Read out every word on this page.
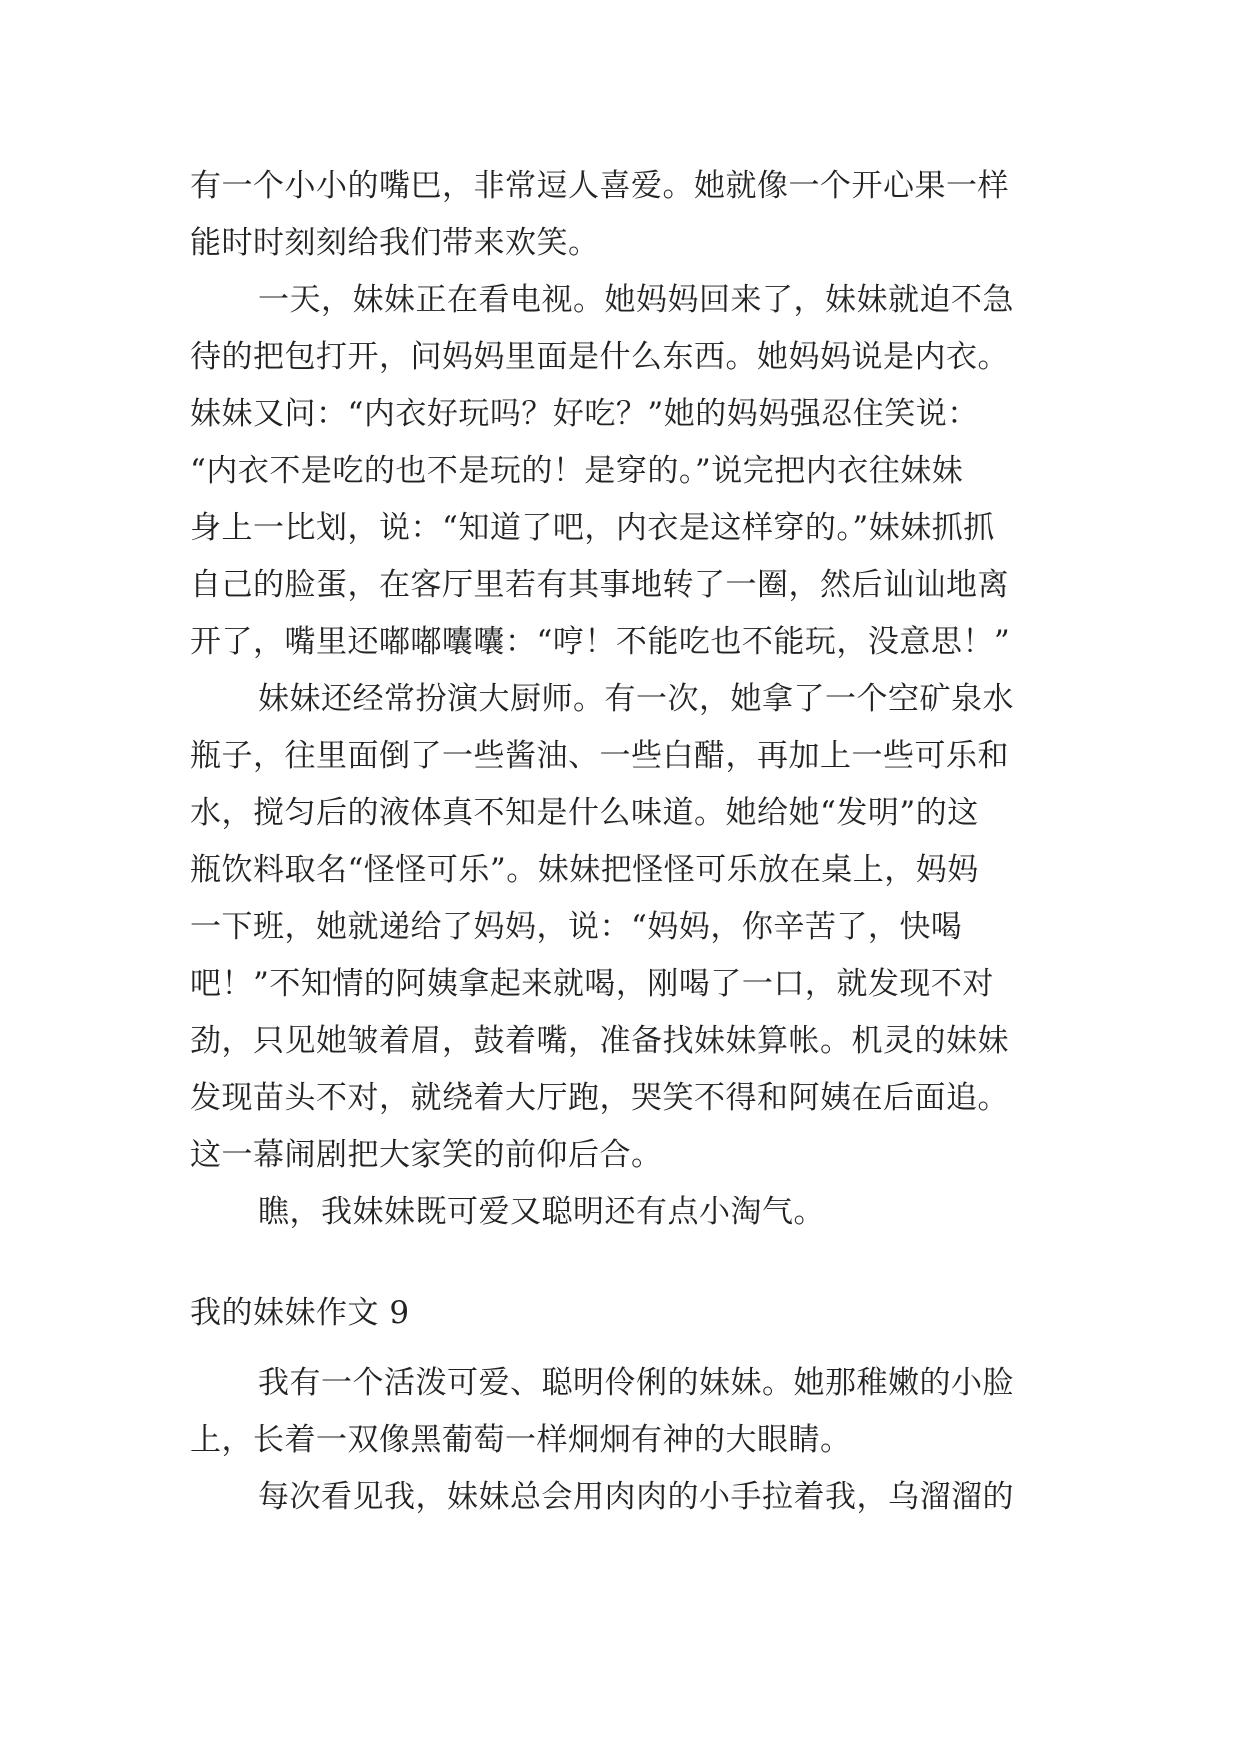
有一个小小的嘴巴，非常逗人喜爱。她就像一个开心果一样
能时时刻刻给我们带来欢笑。
一天，妹妹正在看电视。她妈妈回来了，妹妹就迫不急
待的把包打开，问妈妈里面是什么东西。她妈妈说是内衣。
妹妹又问：“内衣好玩吗？好吃？”她的妈妈强忍住笑说：
“内衣不是吃的也不是玩的！是穿的。”说完把内衣往妹妹
身上一比划，说：“知道了吧，内衣是这样穿的。”妹妹抓抓
自己的脸蛋，在客厅里若有其事地转了一圈，然后讪讪地离
开了，嘴里还嘟嘟囔囔：“哼！不能吃也不能玩，没意思！”
妹妹还经常扮演大厨师。有一次，她拿了一个空矿泉水
瓶子，往里面倒了一些酱油、一些白醋，再加上一些可乐和
水，搅匀后的液体真不知是什么味道。她给她“发明”的这
瓶饮料取名“怪怪可乐”。妹妹把怪怪可乐放在桌上，妈妈
一下班，她就递给了妈妈，说：“妈妈，你辛苦了，快喝
吧！”不知情的阿姨拿起来就喝，刚喝了一口，就发现不对
劲，只见她皱着眉，鼓着嘴，准备找妹妹算帐。机灵的妹妹
发现苗头不对，就绕着大厅跑，哭笑不得和阿姨在后面追。
这一幕闹剧把大家笑的前仰后合。
瞧，我妹妹既可爱又聪明还有点小淘气。
我的妹妹作文 9
我有一个活泼可爱、聪明伶俐的妹妹。她那稚嫩的小脸
上，长着一双像黑葡萄一样炯炯有神的大眼睛。
每次看见我，妹妹总会用肉肉的小手拉着我，乌溜溜的
